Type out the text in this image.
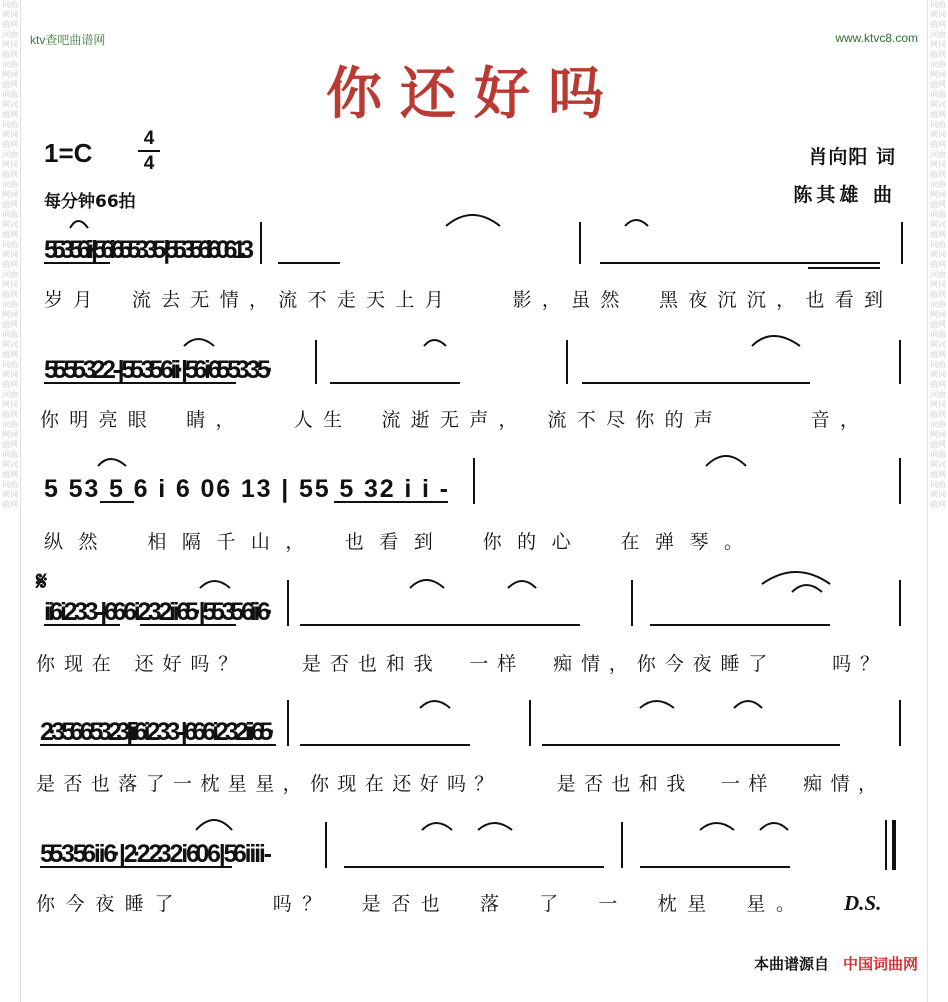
词曲网词曲网词曲网词曲网词曲网词曲网词曲网词曲网词曲网词曲网词曲网词曲网词曲网词曲网词曲网词曲网词曲网词曲网词曲网词曲网词曲网词曲网词曲网词曲网词曲网词曲网词曲网词曲网词曲网词曲网词曲网词曲网词曲网词曲网
词曲网词曲网词曲网词曲网词曲网词曲网词曲网词曲网词曲网词曲网词曲网词曲网词曲网词曲网词曲网词曲网词曲网词曲网词曲网词曲网词曲网词曲网词曲网词曲网词曲网词曲网词曲网词曲网词曲网词曲网词曲网词曲网词曲网词曲网
ktv查吧曲谱网	www.ktvc8.com
你还好吗
1=C	4
4
每分钟66拍
肖向阳 词
陈其雄 曲
55 3 56 i i· | 56 i 65 53 3 5· | 55 35 6i 6 06 13
岁月　流去无情，流不走天上月　　影，虽然　黑夜沉沉，也看到
55 55 32 2 - | 55 35 6 i i· | 56 i 65 53 3 5·
你明亮眼　睛，　　人生　流逝无声，　流不尽你的声　　　音，
5 53 5 6 i 6 06 13 | 55 5 32 i i -
纵然　相隔千山，　也看到　你的心　在弹琴。
𝄋
i i6 i 2 3 3 - | 66 6 i 2 3 2 i i 65· | 55 35 6i i 6·
你现在 还好吗？　　是否也和我　一样　痴情，你今夜睡了　　吗？
2·3 56 6 53 23 | i i6 i 2 3 3 - | 66 6 i 2 3 2 i i 65·
是否也落了一枕星星，你现在还好吗？　　是否也和我　一样　痴情，
55 3 56 i i 6· | 2·2 23 2 i 60 6 | 56 i i i i -
你今夜睡了　　　吗？　是否也　落　了　一　枕星　星。 D.S.
本曲谱源自 中国词曲网
